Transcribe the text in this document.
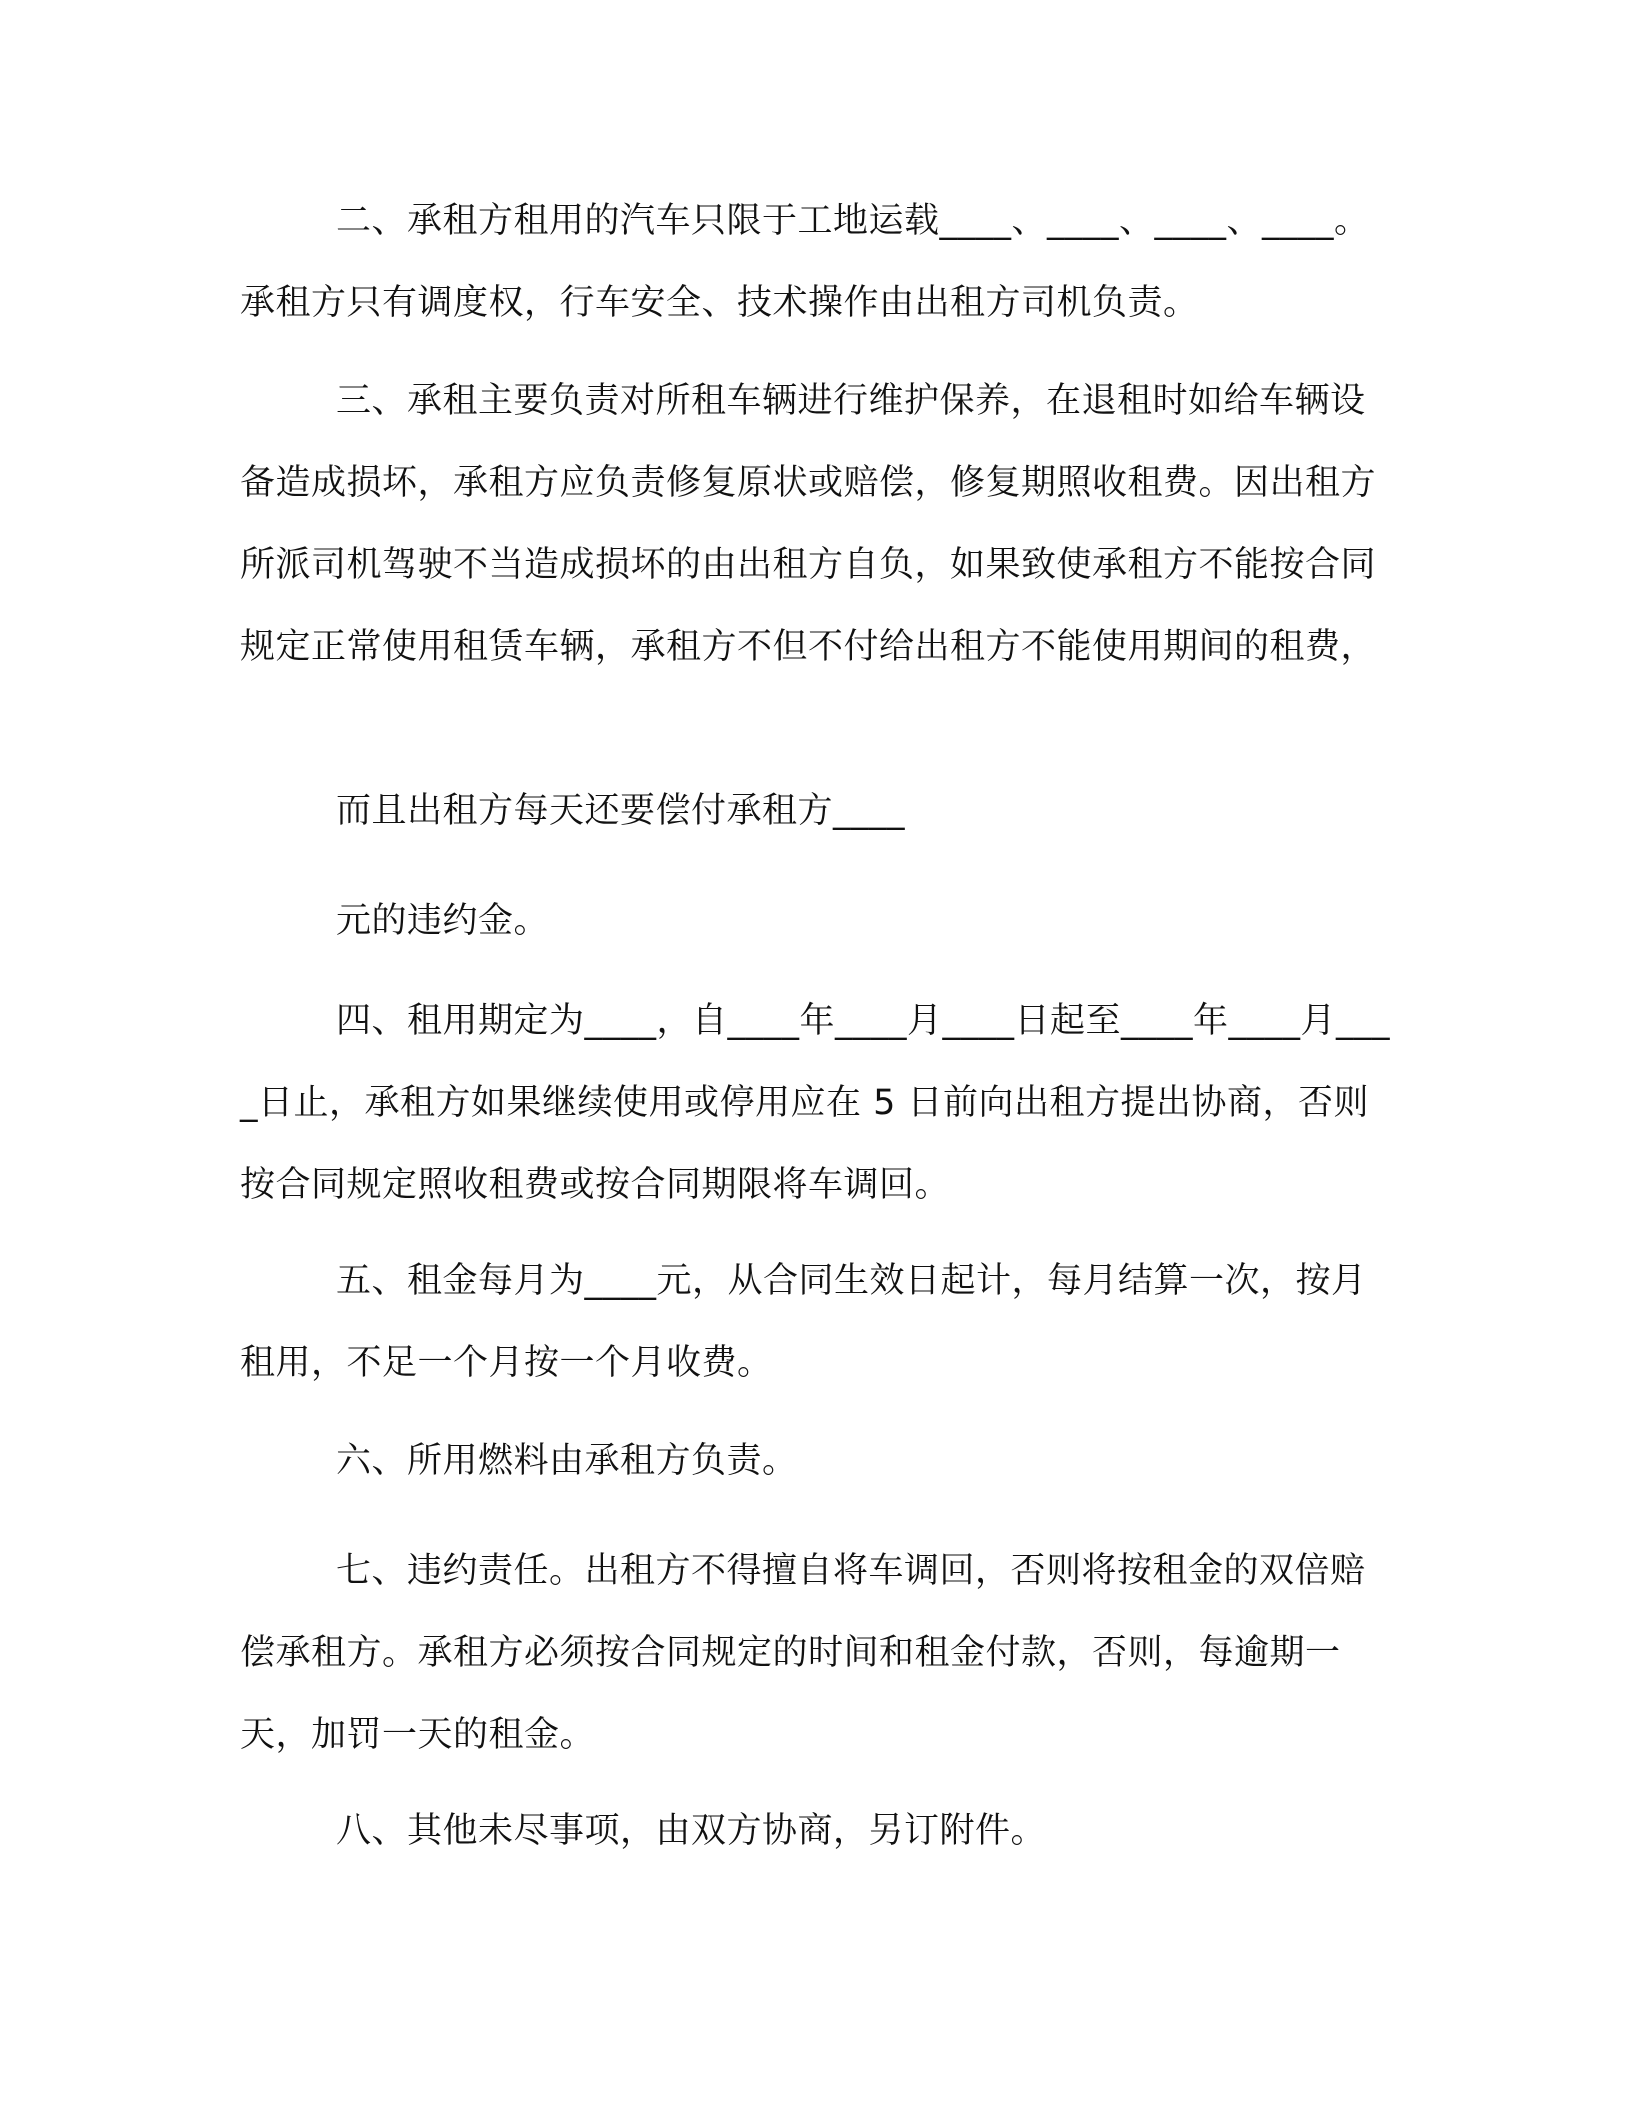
二、承租方租用的汽车只限于工地运载____、____、____、____。承租方只有调度权，行车安全、技术操作由出租方司机负责。

三、承租主要负责对所租车辆进行维护保养，在退租时如给车辆设备造成损坏，承租方应负责修复原状或赔偿，修复期照收租费。因出租方所派司机驾驶不当造成损坏的由出租方自负，如果致使承租方不能按合同规定正常使用租赁车辆，承租方不但不付给出租方不能使用期间的租费，

而且出租方每天还要偿付承租方____

元的违约金。

四、租用期定为____，自____年____月____日起至____年____月____日止，承租方如果继续使用或停用应在 5 日前向出租方提出协商，否则按合同规定照收租费或按合同期限将车调回。

五、租金每月为____元，从合同生效日起计，每月结算一次，按月租用，不足一个月按一个月收费。

六、所用燃料由承租方负责。

七、违约责任。出租方不得擅自将车调回，否则将按租金的双倍赔偿承租方。承租方必须按合同规定的时间和租金付款，否则，每逾期一天，加罚一天的租金。

八、其他未尽事项，由双方协商，另订附件。
